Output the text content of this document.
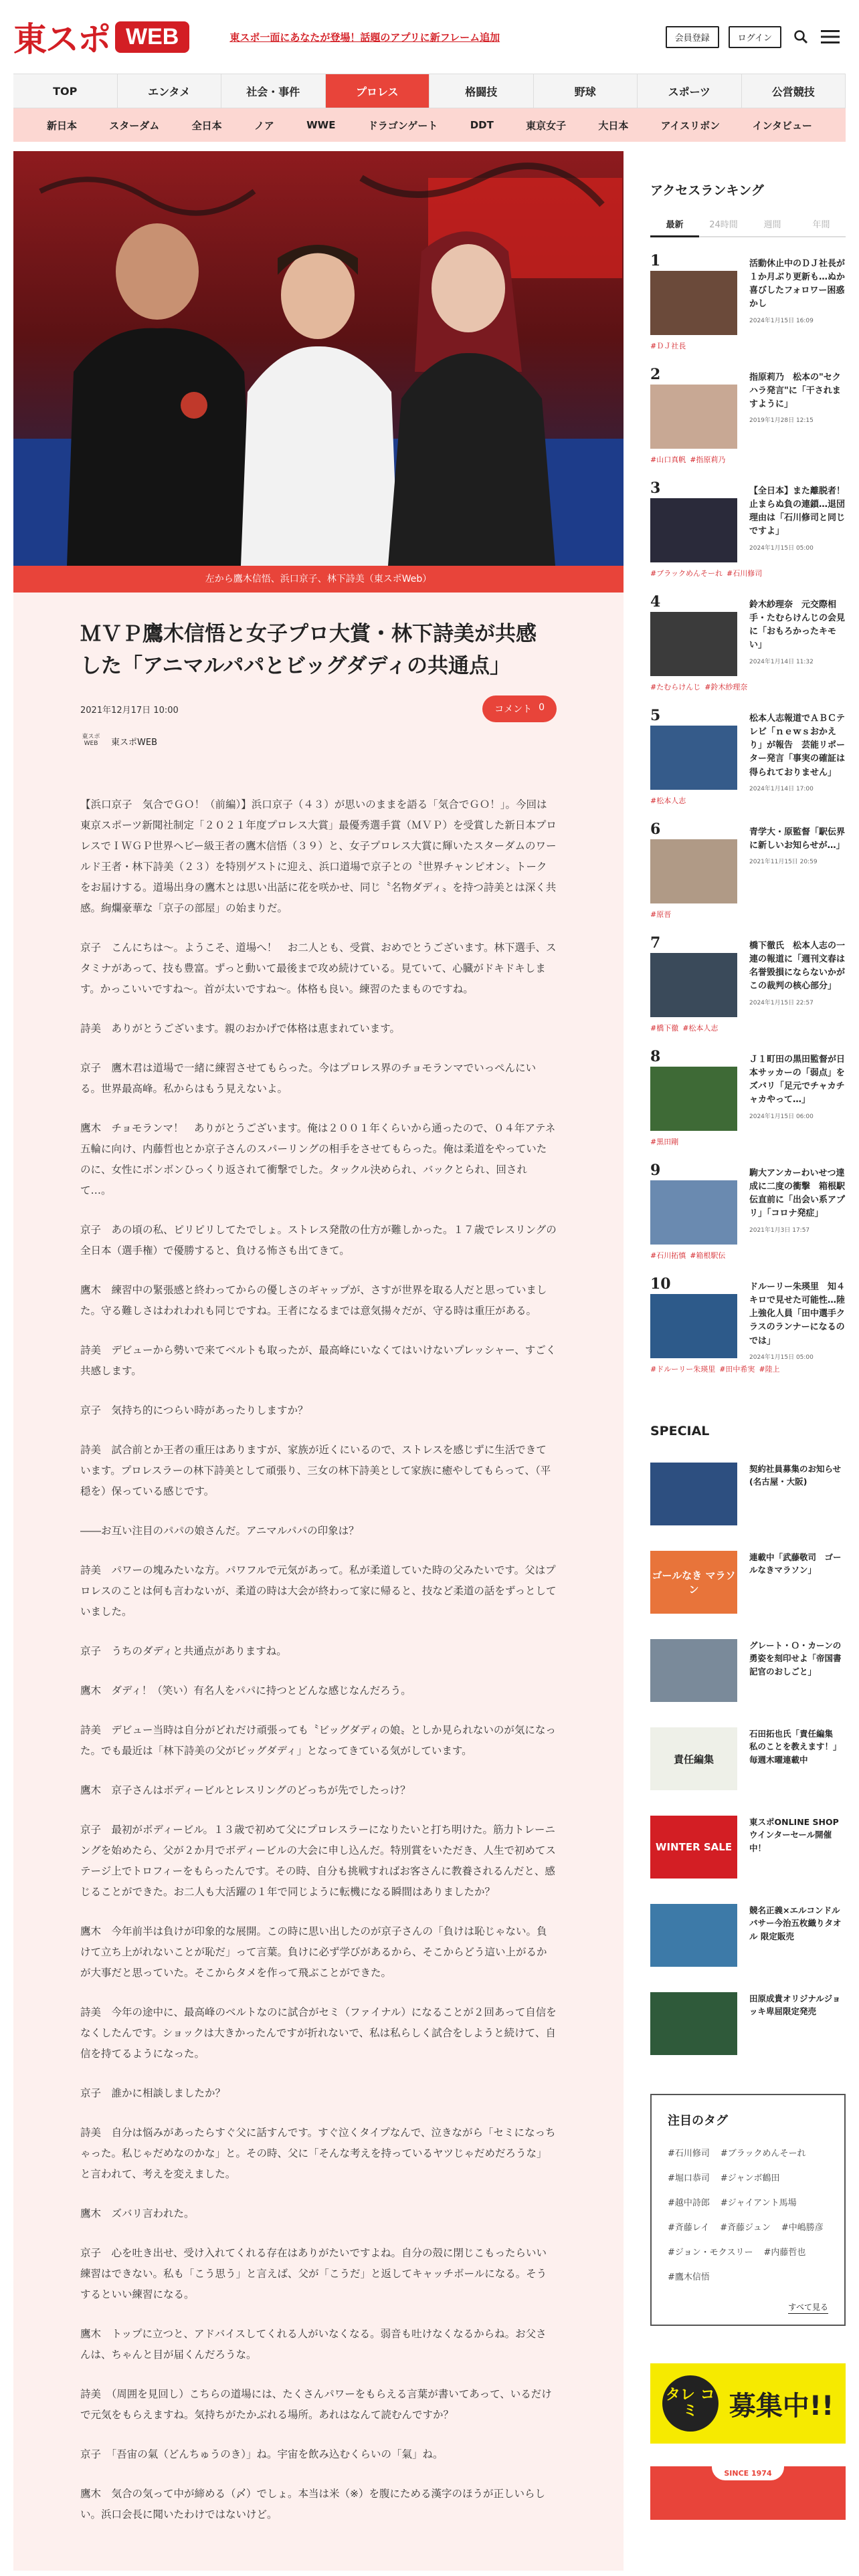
東スポ WEB	東スポ一面にあなたが登場！話題のアプリに新フレーム追加	会員登録	ログイン
TOP	エンタメ	社会・事件	プロレス	格闘技	野球	スポーツ	公営競技
新日本	スターダム	全日本	ノア	WWE	ドラゴンゲート	DDT	東京女子	大日本	アイスリボン	インタビュー
左から鷹木信悟、浜口京子、林下詩美（東スポWeb）
ＭＶＰ鷹木信悟と女子プロ大賞・林下詩美が共感した「アニマルパパとビッグダディの共通点」
2021年12月17日 10:00	コメント 0
東スポ
WEB 東スポWEB

【浜口京子　気合でＧＯ！（前編）】浜口京子（４３）が思いのままを語る「気合でＧＯ！」。今回は東京スポーツ新聞社制定「２０２１年度プロレス大賞」最優秀選手賞（ＭＶＰ）を受賞した新日本プロレスでＩＷＧＰ世界ヘビー級王者の鷹木信悟（３９）と、女子プロレス大賞に輝いたスターダムのワールド王者・林下詩美（２３）を特別ゲストに迎え、浜口道場で京子との〝世界チャンピオン〟トークをお届けする。道場出身の鷹木とは思い出話に花を咲かせ、同じ〝名物ダディ〟を持つ詩美とは深く共感。絢爛豪華な「京子の部屋」の始まりだ。

京子　こんにちは～。ようこそ、道場へ！　お二人とも、受賞、おめでとうございます。林下選手、スタミナがあって、技も豊富。ずっと動いて最後まで攻め続けている。見ていて、心臓がドキドキします。かっこいいですね～。首が太いですね～。体格も良い。練習のたまものですね。

詩美　ありがとうございます。親のおかげで体格は恵まれています。

京子　鷹木君は道場で一緒に練習させてもらった。今はプロレス界のチョモランマでいっぺんにいる。世界最高峰。私からはもう見えないよ。

鷹木　チョモランマ！　ありがとうございます。俺は２００１年くらいから通ったので、０４年アテネ五輪に向け、内藤哲也とか京子さんのスパーリングの相手をさせてもらった。俺は柔道をやっていたのに、女性にボンボンひっくり返されて衝撃でした。タックル決められ、バックとられ、回されて…。

京子　あの頃の私、ピリピリしてたでしょ。ストレス発散の仕方が難しかった。１７歳でレスリングの全日本（選手権）で優勝すると、負ける怖さも出てきて。

鷹木　練習中の緊張感と終わってからの優しさのギャップが、さすが世界を取る人だと思っていました。守る難しさはわれわれも同じですね。王者になるまでは意気揚々だが、守る時は重圧がある。

詩美　デビューから勢いで来てベルトも取ったが、最高峰にいなくてはいけないプレッシャー、すごく共感します。

京子　気持ち的につらい時があったりしますか？

詩美　試合前とか王者の重圧はありますが、家族が近くにいるので、ストレスを感じずに生活できています。プロレスラーの林下詩美として頑張り、三女の林下詩美として家族に癒やしてもらって、（平穏を）保っている感じです。

――お互い注目のパパの娘さんだ。アニマルパパの印象は？

詩美　パワーの塊みたいな方。パワフルで元気があって。私が柔道していた時の父みたいです。父はプロレスのことは何も言わないが、柔道の時は大会が終わって家に帰ると、技など柔道の話をずっとしていました。

京子　うちのダディと共通点がありますね。

鷹木　ダディ！（笑い）有名人をパパに持つとどんな感じなんだろう。

詩美　デビュー当時は自分がどれだけ頑張っても〝ビッグダディの娘〟としか見られないのが気になった。でも最近は「林下詩美の父がビッグダディ」となってきている気がしています。

鷹木　京子さんはボディービルとレスリングのどっちが先でしたっけ？

京子　最初がボディービル。１３歳で初めて父にプロレスラーになりたいと打ち明けた。筋力トレーニングを始めたら、父が２か月でボディービルの大会に申し込んだ。特別賞をいただき、人生で初めてステージ上でトロフィーをもらったんです。その時、自分も挑戦すればお客さんに教養されるんだと、感じることができた。お二人も大活躍の１年で同じように転機になる瞬間はありましたか？

鷹木　今年前半は負けが印象的な展開。この時に思い出したのが京子さんの「負けは恥じゃない。負けて立ち上がれないことが恥だ」って言葉。負けに必ず学びがあるから、そこからどう這い上がるかが大事だと思っていた。そこからタメを作って飛ぶことができた。

詩美　今年の途中に、最高峰のベルトなのに試合がセミ（ファイナル）になることが２回あって自信をなくしたんです。ショックは大きかったんですが折れないで、私は私らしく試合をしようと続けて、自信を持てるようになった。

京子　誰かに相談しましたか？

詩美　自分は悩みがあったらすぐ父に話すんです。すぐ泣くタイプなんで、泣きながら「セミになっちゃった。私じゃだめなのかな」と。その時、父に「そんな考えを持っているヤツじゃだめだろうな」と言われて、考えを変えました。

鷹木　ズバリ言われた。

京子　心を吐き出せ、受け入れてくれる存在はありがたいですよね。自分の殻に閉じこもったらいい練習はできない。私も「こう思う」と言えば、父が「こうだ」と返してキャッチボールになる。そうするといい練習になる。

鷹木　トップに立つと、アドバイスしてくれる人がいなくなる。弱音も吐けなくなるからね。お父さんは、ちゃんと目が届くんだろうな。

詩美　（周囲を見回し）こちらの道場には、たくさんパワーをもらえる言葉が書いてあって、いるだけで元気をもらえますね。気持ちがたかぶれる場所。あれはなんて読むんですか？

京子　「吾宙の氣（どんちゅうのき）」ね。宇宙を飲み込むくらいの「氣」ね。

鷹木　気合の気って中が締める（〆）でしょ。本当は米（※）を腹にためる漢字のほうが正しいらしい。浜口会長に聞いたわけではないけど。

アクセスランキング
最新	24時間	週間	年間
1	活動休止中のＤＪ社長が１か月ぶり更新も…ぬか喜びしたフォロワー困惑かし
2024年1月15日 16:09
#ＤＪ社長
2	指原莉乃　松本の"セクハラ発言"に「干されますように」
2019年1月28日 12:15
#山口真帆 #指原莉乃
3	【全日本】また離脱者！止まらぬ負の連鎖…退団理由は「石川修司と同じですよ」
2024年1月15日 05:00
#ブラックめんそーれ #石川修司
4	鈴木紗理奈　元交際相手・たむらけんじの会見に「おもろかったキモい」
2024年1月14日 11:32
#たむらけんじ #鈴木紗理奈
5	松本人志報道でＡＢＣテレビ「ｎｅｗｓおかえり」が報告　芸能リポーター発言「事実の確証は得られておりません」
2024年1月14日 17:00
#松本人志
6	青学大・原監督「駅伝界に新しいお知らせが…」
2021年11月15日 20:59
#原晋
7	橋下徹氏　松本人志の一連の報道に「週刊文春は名誉毀損にならないかがこの裁判の核心部分」
2024年1月15日 22:57
#橋下徹 #松本人志
8	Ｊ１町田の黒田監督が日本サッカーの「弱点」をズバリ「足元でチャカチャカやって…」
2024年1月15日 06:00
#黒田剛
9	駒大アンカーわいせつ達成に二度の衝撃　箱根駅伝直前に「出会い系アプリ」「コロナ発症」
2021年1月3日 17:57
#石川拓慎 #箱根駅伝
10	ドルーリー朱瑛里　知４キロで見せた可能性…陸上強化人員「田中選手クラスのランナーになるのでは」
2024年1月15日 05:00
#ドルーリー朱瑛里 #田中希実 #陸上
SPECIAL
契約社員募集のお知らせ(名古屋・大阪)
ゴールなき マラソン
連載中「武藤敬司　ゴールなきマラソン」
グレート・Ｏ・カーンの勇姿を刻印せよ「帝国書記官のおしごと」
責任編集
石田拓也氏「責任編集　私のことを教えます！」毎週木曜連載中
WINTER SALE
東スポONLINE SHOP ウインターセール開催中！
競名正義×エルコンドルパサー今治五枚織りタオル 限定販売
田原成貴オリジナルジョッキ卑屈限定発売
注目のタグ
#石川修司 #ブラックめんそーれ
#堀口恭司 #ジャンボ鶴田
#越中詩郎 #ジャイアント馬場
#斉藤レイ #斉藤ジュン #中嶋勝彦
#ジョン・モクスリー #内藤哲也
#鷹木信悟
すべて見る
タレ コミ	募集中!!
SINCE 1974
